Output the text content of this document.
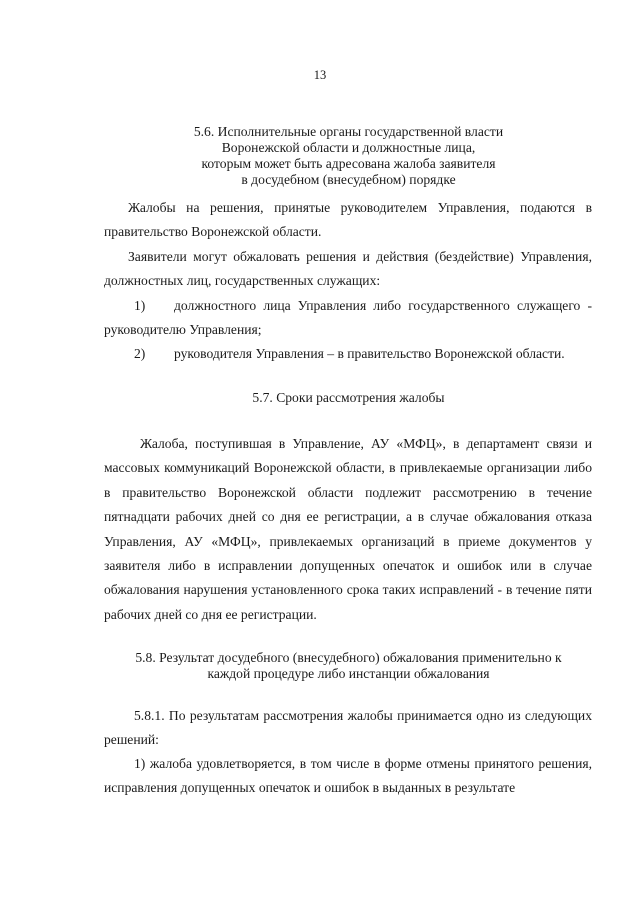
13
5.6. Исполнительные органы государственной власти
Воронежской области и должностные лица,
которым может быть адресована жалоба заявителя
в досудебном (внесудебном) порядке
Жалобы на решения, принятые руководителем Управления, подаются в правительство Воронежской области.
Заявители могут обжаловать решения и действия (бездействие) Управления, должностных лиц, государственных служащих:
1) должностного лица Управления либо государственного служащего - руководителю Управления;
2) руководителя Управления – в правительство Воронежской области.
5.7. Сроки рассмотрения жалобы
Жалоба, поступившая в Управление, АУ «МФЦ», в департамент связи и массовых коммуникаций Воронежской области, в привлекаемые организации либо в правительство Воронежской области подлежит рассмотрению в течение пятнадцати рабочих дней со дня ее регистрации, а в случае обжалования отказа Управления, АУ «МФЦ», привлекаемых организаций в приеме документов у заявителя либо в исправлении допущенных опечаток и ошибок или в случае обжалования нарушения установленного срока таких исправлений - в течение пяти рабочих дней со дня ее регистрации.
5.8. Результат досудебного (внесудебного) обжалования применительно к
каждой процедуре либо инстанции обжалования
5.8.1. По результатам рассмотрения жалобы принимается одно из следующих решений:
1) жалоба удовлетворяется, в том числе в форме отмены принятого решения, исправления допущенных опечаток и ошибок в выданных в результате
